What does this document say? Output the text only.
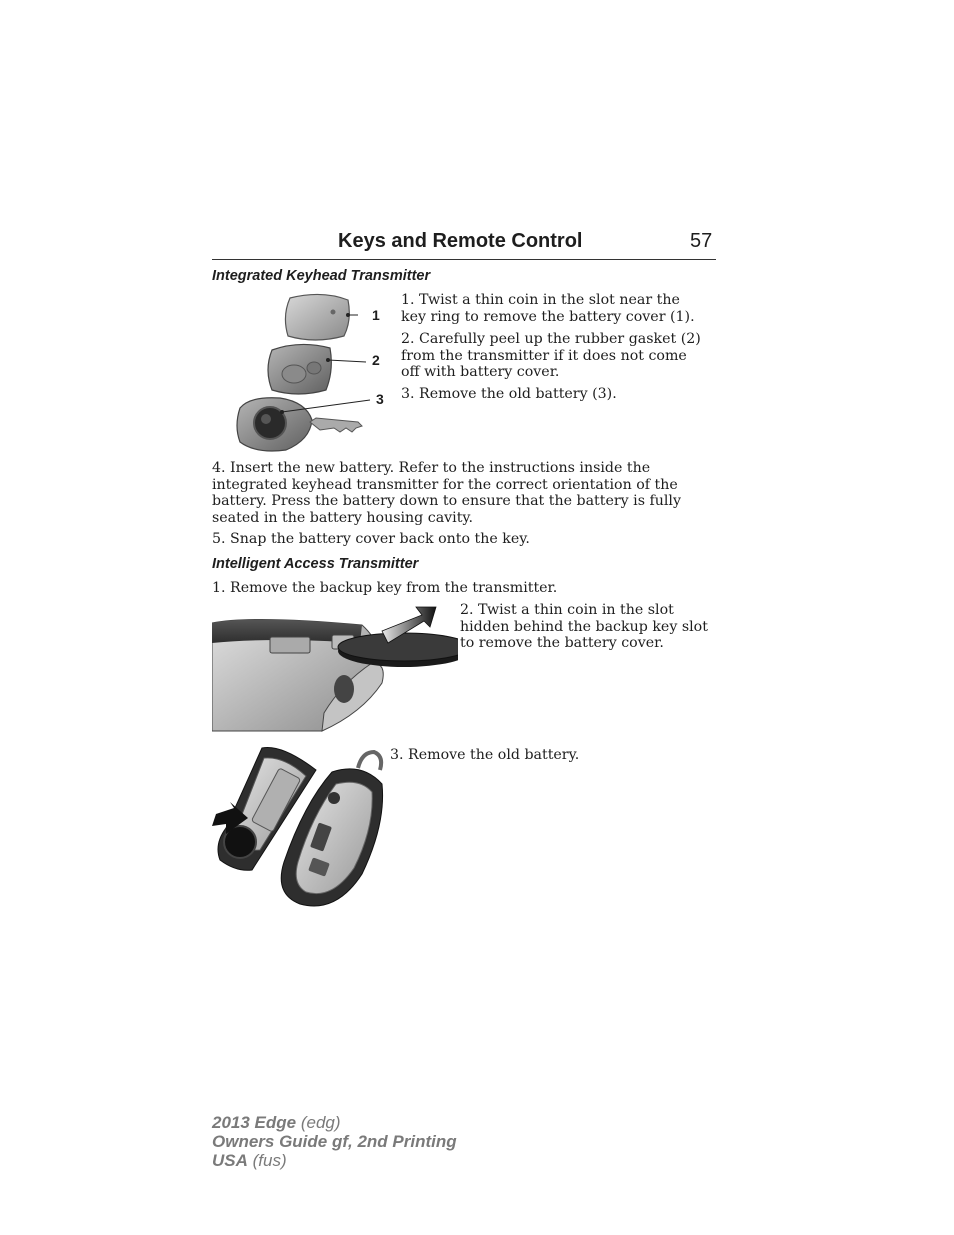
Keys and Remote Control	57
Integrated Keyhead Transmitter
1
2
3

1. Twist a thin coin in the slot near the key ring to remove the battery cover (1).

2. Carefully peel up the rubber gasket (2) from the transmitter if it does not come off with battery cover.

3. Remove the old battery (3).

4. Insert the new battery. Refer to the instructions inside the integrated keyhead transmitter for the correct orientation of the battery. Press the battery down to ensure that the battery is fully seated in the battery housing cavity.

5. Snap the battery cover back onto the key.

Intelligent Access Transmitter

1. Remove the backup key from the transmitter.

2. Twist a thin coin in the slot hidden behind the backup key slot to remove the battery cover.

3. Remove the old battery.

2013 Edge (edg)
Owners Guide gf, 2nd Printing
USA (fus)
